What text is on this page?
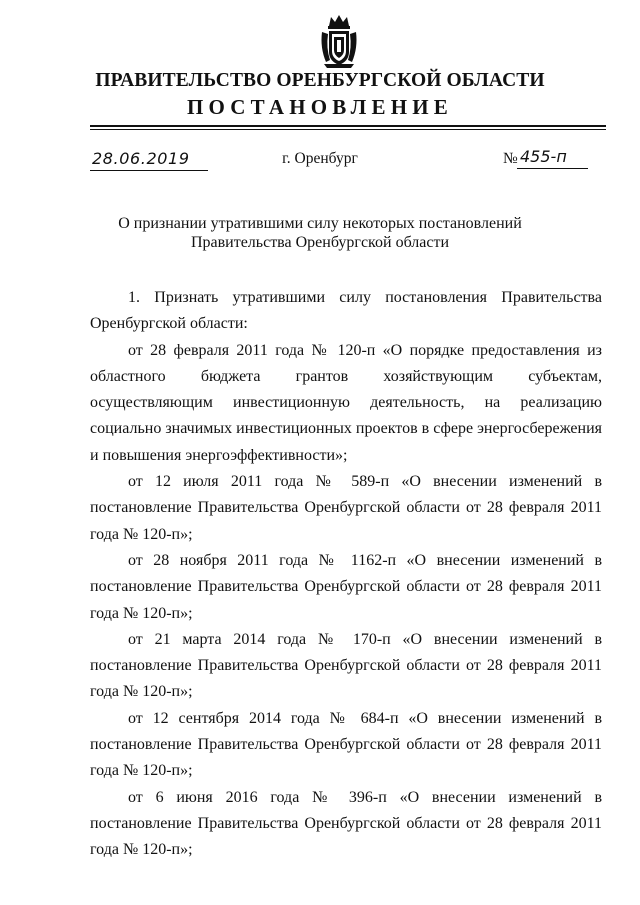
ПРАВИТЕЛЬСТВО ОРЕНБУРГСКОЙ ОБЛАСТИ
ПОСТАНОВЛЕНИЕ
28.06.2019	г. Оренбург	№ 455-п
О признании утратившими силу некоторых постановлений
Правительства Оренбургской области

1. Признать утратившими силу постановления Правительства Оренбургской области:

от 28 февраля 2011 года № 120-п «О порядке предоставления из областного бюджета грантов хозяйствующим субъектам, осуществляющим инвестиционную деятельность, на реализацию социально значимых инвестиционных проектов в сфере энергосбережения и повышения энергоэффективности»;

от 12 июля 2011 года № 589-п «О внесении изменений в постановление Правительства Оренбургской области от 28 февраля 2011 года № 120-п»;

от 28 ноября 2011 года № 1162-п «О внесении изменений в постановление Правительства Оренбургской области от 28 февраля 2011 года № 120-п»;

от 21 марта 2014 года № 170-п «О внесении изменений в постановление Правительства Оренбургской области от 28 февраля 2011 года № 120-п»;

от 12 сентября 2014 года № 684-п «О внесении изменений в постановление Правительства Оренбургской области от 28 февраля 2011 года № 120-п»;

от 6 июня 2016 года № 396-п «О внесении изменений в постановление Правительства Оренбургской области от 28 февраля 2011 года № 120-п»;
